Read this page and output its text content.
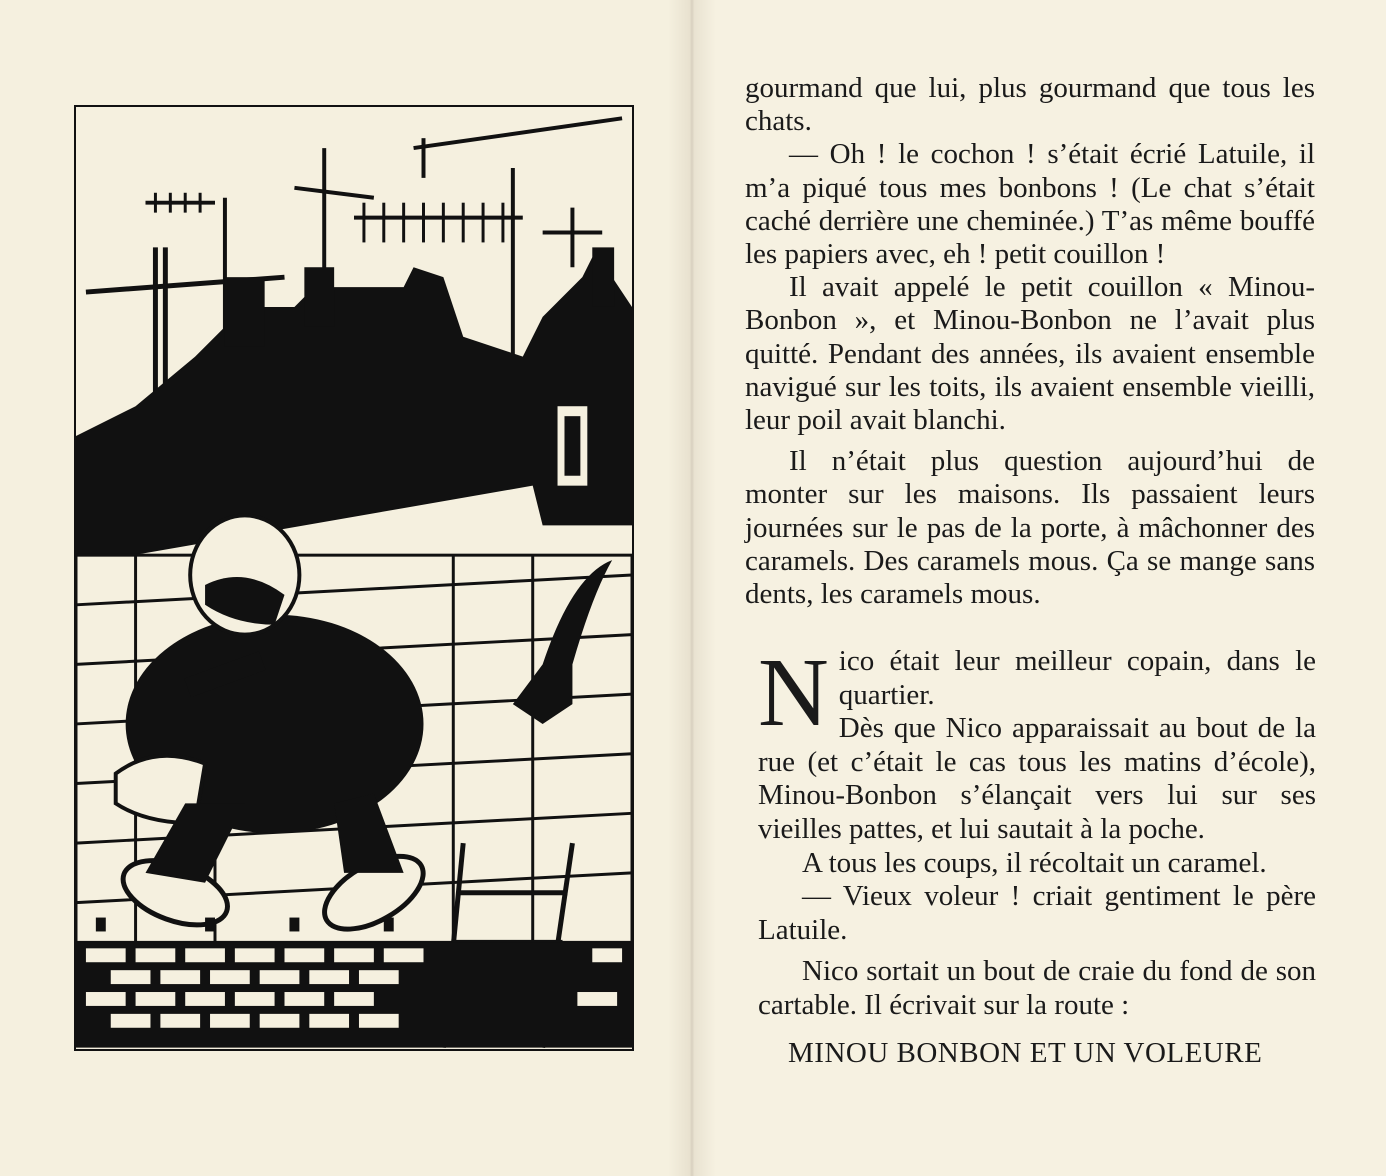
gourmand que lui, plus gourmand que tous les chats.

— Oh ! le cochon ! s’était écrié Latuile, il m’a piqué tous mes bonbons ! (Le chat s’était caché derrière une cheminée.) T’as même bouffé les papiers avec, eh ! petit couillon !

Il avait appelé le petit couillon « Minou-Bonbon », et Minou-Bonbon ne l’avait plus quitté. Pendant des années, ils avaient ensemble navigué sur les toits, ils avaient ensemble vieilli, leur poil avait blanchi.

Il n’était plus question aujourd’hui de monter sur les maisons. Ils passaient leurs journées sur le pas de la porte, à mâchonner des caramels. Des caramels mous. Ça se mange sans dents, les caramels mous.

N ico était leur meilleur copain, dans le quartier.

Dès que Nico apparaissait au bout de la rue (et c’était le cas tous les matins d’école), Minou-Bonbon s’élançait vers lui sur ses vieilles pattes, et lui sautait à la poche.

A tous les coups, il récoltait un caramel.

— Vieux voleur ! criait gentiment le père Latuile.

Nico sortait un bout de craie du fond de son cartable. Il écrivait sur la route :

MINOU BONBON ET UN VOLEURE
